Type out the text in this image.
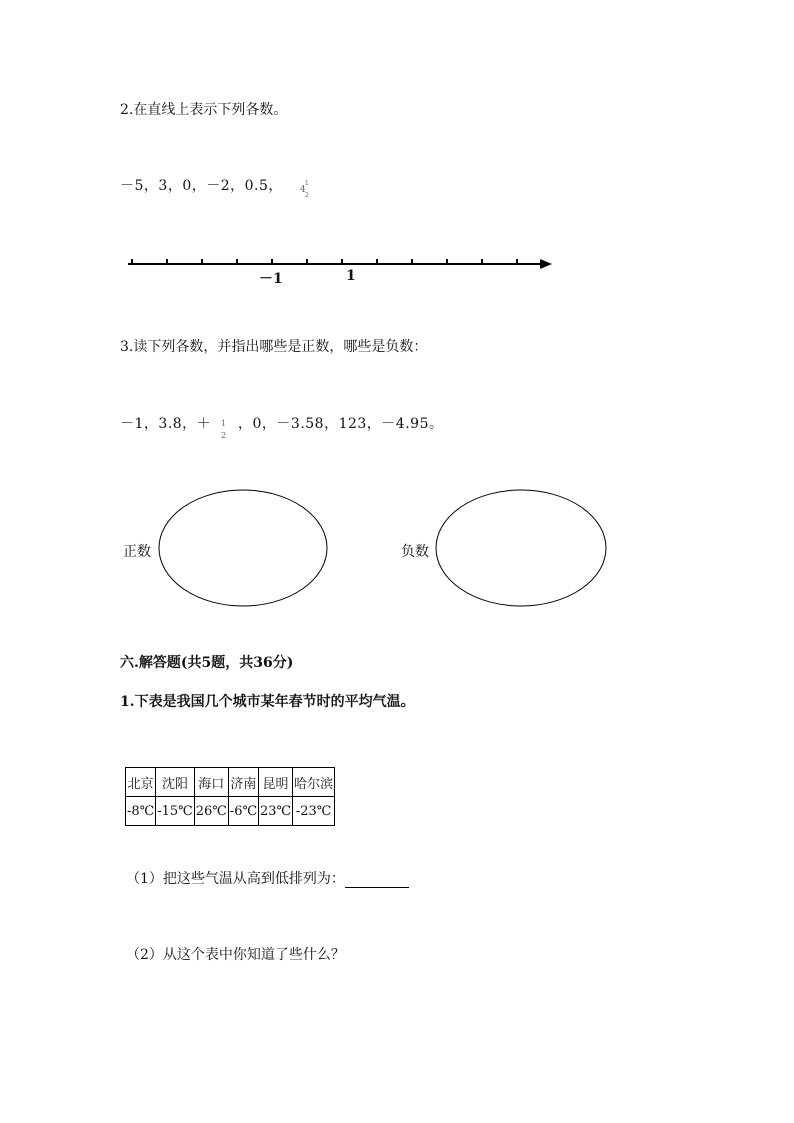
2.在直线上表示下列各数。
－5，3，0，－2，0.5， 4
1
2
－1	1
3.读下列各数，并指出哪些是正数，哪些是负数：
－1，3.8，＋ 1
2
，0，－3.58，123，－4.95。
正数	负数
六.解答题(共5题，共36分)
1.下表是我国几个城市某年春节时的平均气温。
北京	沈阳	海口	济南	昆明	哈尔滨
-8℃	-15℃	26℃	-6℃	23℃	-23℃
（1）把这些气温从高到低排列为：
（2）从这个表中你知道了些什么？
